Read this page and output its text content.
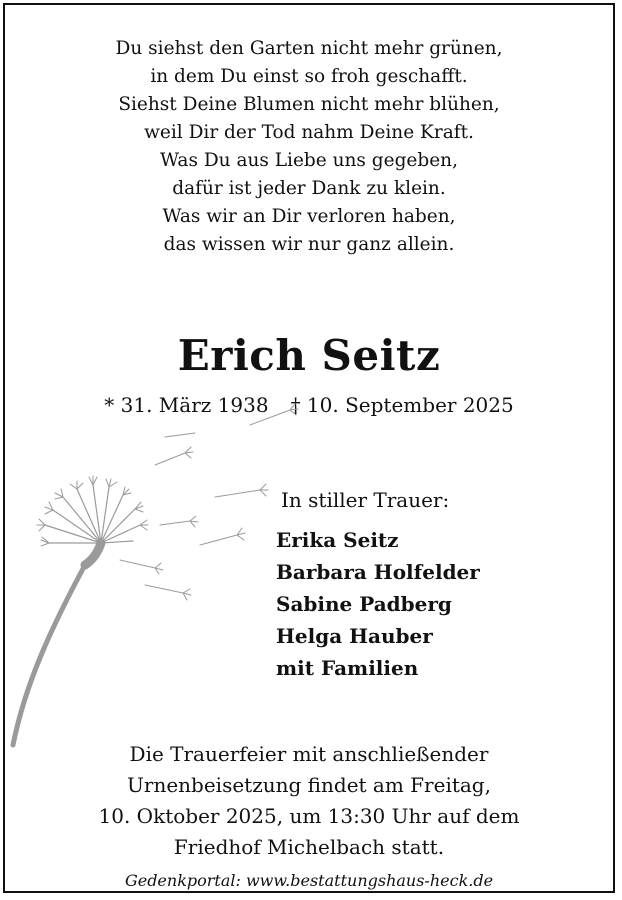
Du siehst den Garten nicht mehr grünen,
in dem Du einst so froh geschafft.
Siehst Deine Blumen nicht mehr blühen,
weil Dir der Tod nahm Deine Kraft.
Was Du aus Liebe uns gegeben,
dafür ist jeder Dank zu klein.
Was wir an Dir verloren haben,
das wissen wir nur ganz allein.
Erich Seitz
* 31. März 1938 † 10. September 2025
In stiller Trauer:
Erika Seitz
Barbara Holfelder
Sabine Padberg
Helga Hauber
mit Familien
Die Trauerfeier mit anschließender
Urnenbeisetzung findet am Freitag,
10. Oktober 2025, um 13:30 Uhr auf dem
Friedhof Michelbach statt.
Gedenkportal: www.bestattungshaus-heck.de
